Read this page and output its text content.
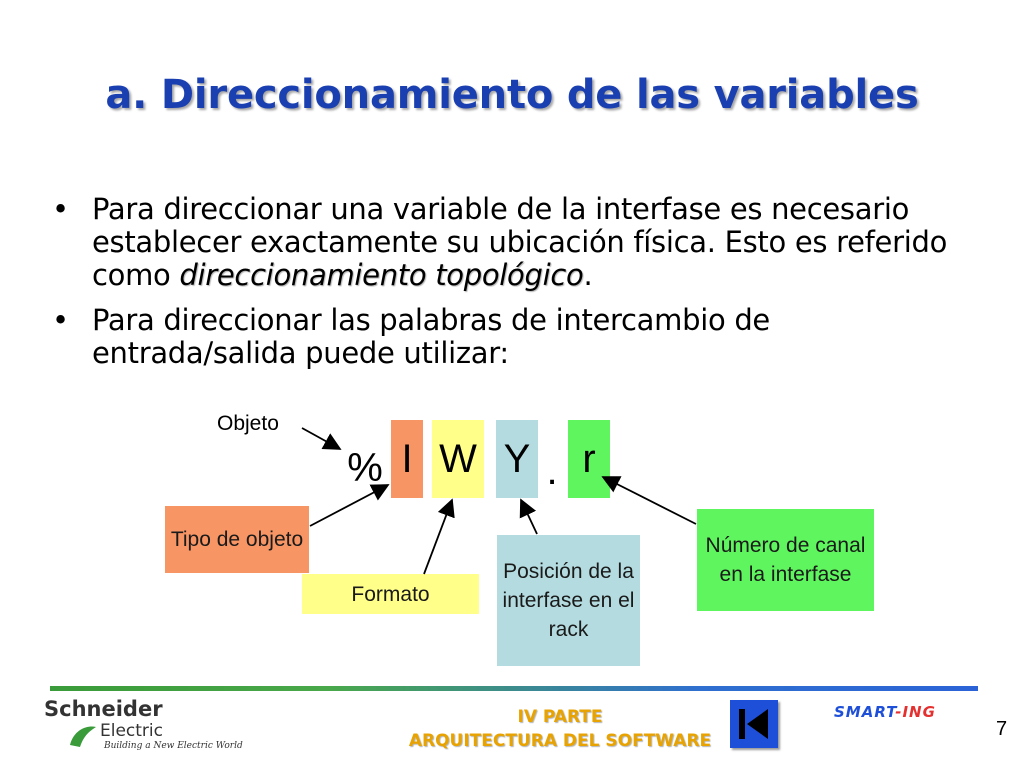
a. Direccionamiento de las variables
• Para direccionar una variable de la interfase es necesario establecer exactamente su ubicación física. Esto es referido como direccionamiento topológico.
• Para direccionar las palabras de intercambio de entrada/salida puede utilizar:
Objeto
% I W Y . r
Tipo de objeto
Formato
Posición de la interfase en el rack
Número de canal en la interfase
Schneider
Electric
Building a New Electric World
IV PARTE
ARQUITECTURA DEL SOFTWARE
SMART-ING
7
